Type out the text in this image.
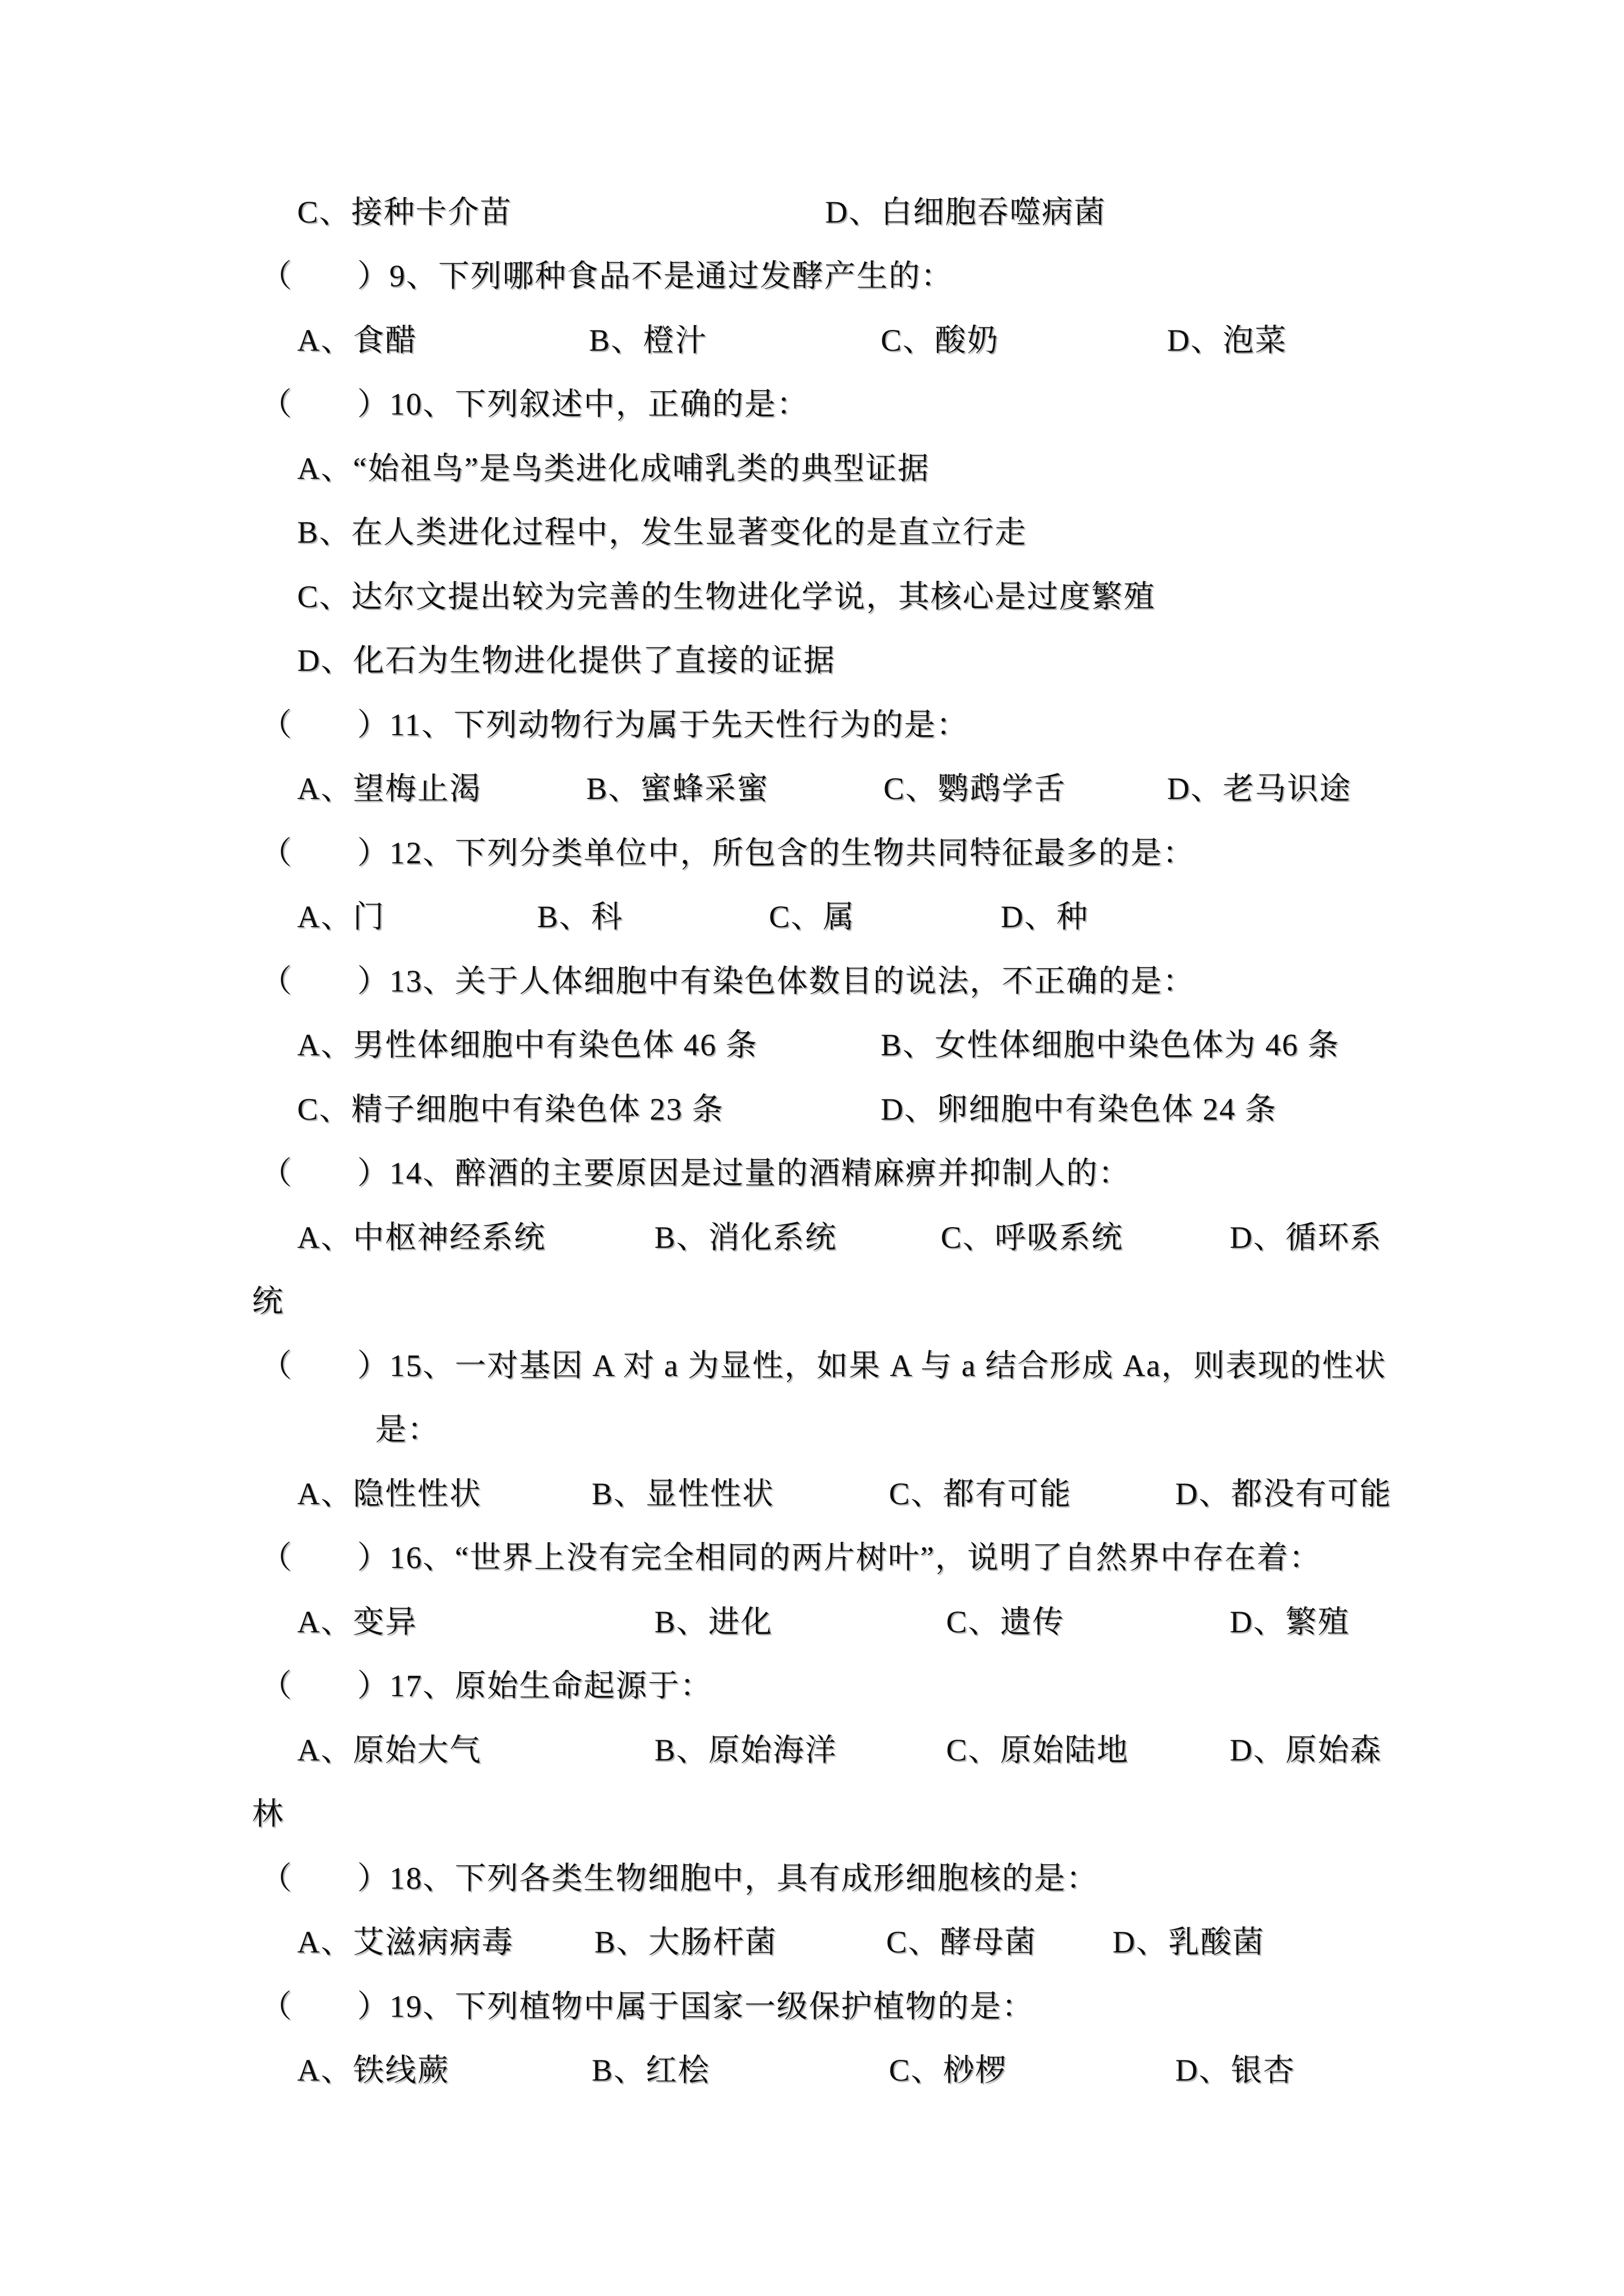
C、接种卡介苗	D、白细胞吞噬病菌
（　　）9、下列哪种食品不是通过发酵产生的：
A、食醋	B、橙汁	C、酸奶	D、泡菜
（　　）10、下列叙述中，正确的是：
A、“始祖鸟”是鸟类进化成哺乳类的典型证据
B、在人类进化过程中，发生显著变化的是直立行走
C、达尔文提出较为完善的生物进化学说，其核心是过度繁殖
D、化石为生物进化提供了直接的证据
（　　）11、下列动物行为属于先天性行为的是：
A、望梅止渴	B、蜜蜂采蜜	C、鹦鹉学舌	D、老马识途
（　　）12、下列分类单位中，所包含的生物共同特征最多的是：
A、门	B、科	C、属	D、种
（　　）13、关于人体细胞中有染色体数目的说法，不正确的是：
A、男性体细胞中有染色体 46 条	B、女性体细胞中染色体为 46 条
C、精子细胞中有染色体 23 条	D、卵细胞中有染色体 24 条
（　　）14、醉酒的主要原因是过量的酒精麻痹并抑制人的：
A、中枢神经系统	B、消化系统	C、呼吸系统	D、循环系
统
（　　）15、一对基因 A 对 a 为显性，如果 A 与 a 结合形成 Aa，则表现的性状
是：
A、隐性性状	B、显性性状	C、都有可能	D、都没有可能
（　　）16、“世界上没有完全相同的两片树叶”，说明了自然界中存在着：
A、变异	B、进化	C、遗传	D、繁殖
（　　）17、原始生命起源于：
A、原始大气	B、原始海洋	C、原始陆地	D、原始森
林
（　　）18、下列各类生物细胞中，具有成形细胞核的是：
A、艾滋病病毒	B、大肠杆菌	C、酵母菌 D、乳酸菌
（　　）19、下列植物中属于国家一级保护植物的是：
A、铁线蕨	B、红桧	C、桫椤	D、银杏
